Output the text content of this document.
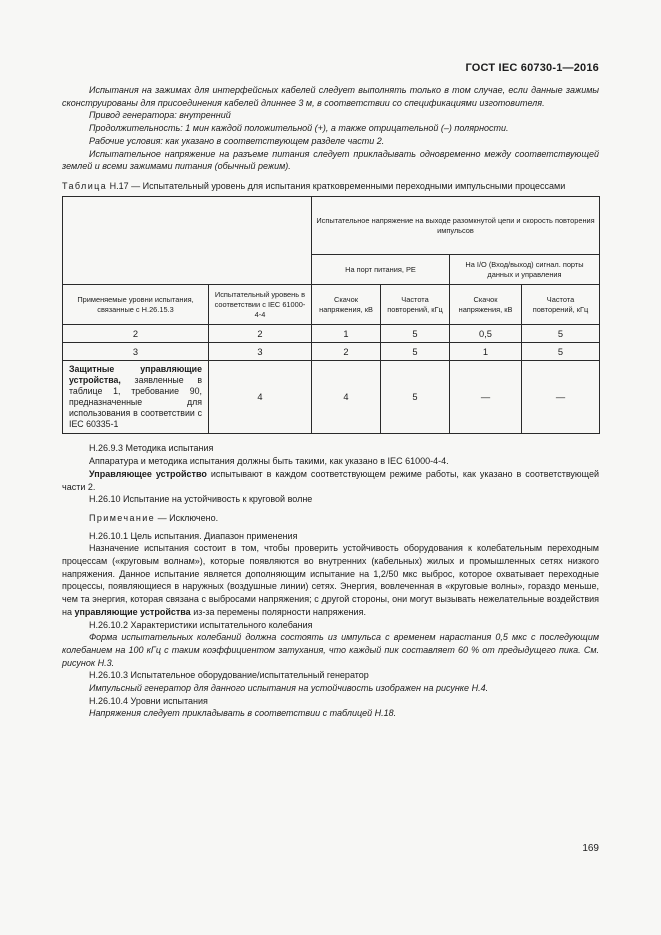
ГОСТ IEC 60730-1—2016

Испытания на зажимах для интерфейсных кабелей следует выполнять только в том случае, если данные зажимы сконструированы для присоединения кабелей длиннее 3 м, в соответствии со спецификациями изготовителя.

Привод генератора: внутренний

Продолжительность: 1 мин каждой положительной (+), а также отрицательной (–) полярности.

Рабочие условия: как указано в соответствующем разделе части 2.

Испытательное напряжение на разъеме питания следует прикладывать одновременно между соответствующей землей и всеми зажимами питания (обычный режим).

Таблица Н.17 — Испытательный уровень для испытания кратковременными переходными импульсными процессами

		Испытательное напряжение на выходе разомкнутой цепи и скорость повторения импульсов			
		На порт питания, PE		На I/O (Вход/выход) сигнал. порты данных и управления	
Применяемые уровни испытания, связанные с Н.26.15.3	Испытательный уровень в соответствии с IEC 61000-4-4	Скачок напряжения, кВ	Частота повторений, кГц	Скачок напряжения, кВ	Частота повторений, кГц
2	2	1	5	0,5	5
3	3	2	5	1	5
Защитные управляющие устройства, заявленные в таблице 1, требование 90, предназначенные для использования в соответствии с IEC 60335-1	4	4	5	—	—

Н.26.9.3 Методика испытания

Аппаратура и методика испытания должны быть такими, как указано в IEC 61000-4-4.

Управляющее устройство испытывают в каждом соответствующем режиме работы, как указано в соответствующей части 2.

Н.26.10 Испытание на устойчивость к круговой волне

Примечание — Исключено.

Н.26.10.1 Цель испытания. Диапазон применения

Назначение испытания состоит в том, чтобы проверить устойчивость оборудования к колебательным переходным процессам («круговым волнам»), которые появляются во внутренних (кабельных) жилых и промышленных сетях низкого напряжения. Данное испытание является дополняющим испытание на 1,2/50 мкс выброс, которое охватывает переходные процессы, появляющиеся в наружных (воздушные линии) сетях. Энергия, вовлеченная в «круговые волны», гораздо меньше, чем та энергия, которая связана с выбросами напряжения; с другой стороны, они могут вызывать нежелательные воздействия на управляющие устройства из-за перемены полярности напряжения.

Н.26.10.2 Характеристики испытательного колебания

Форма испытательных колебаний должна состоять из импульса с временем нарастания 0,5 мкс с последующим колебанием на 100 кГц с таким коэффициентом затухания, что каждый пик составляет 60 % от предыдущего пика. См. рисунок Н.3.

Н.26.10.3 Испытательное оборудование/испытательный генератор

Импульсный генератор для данного испытания на устойчивость изображен на рисунке Н.4.

Н.26.10.4 Уровни испытания

Напряжения следует прикладывать в соответствии с таблицей Н.18.

169
